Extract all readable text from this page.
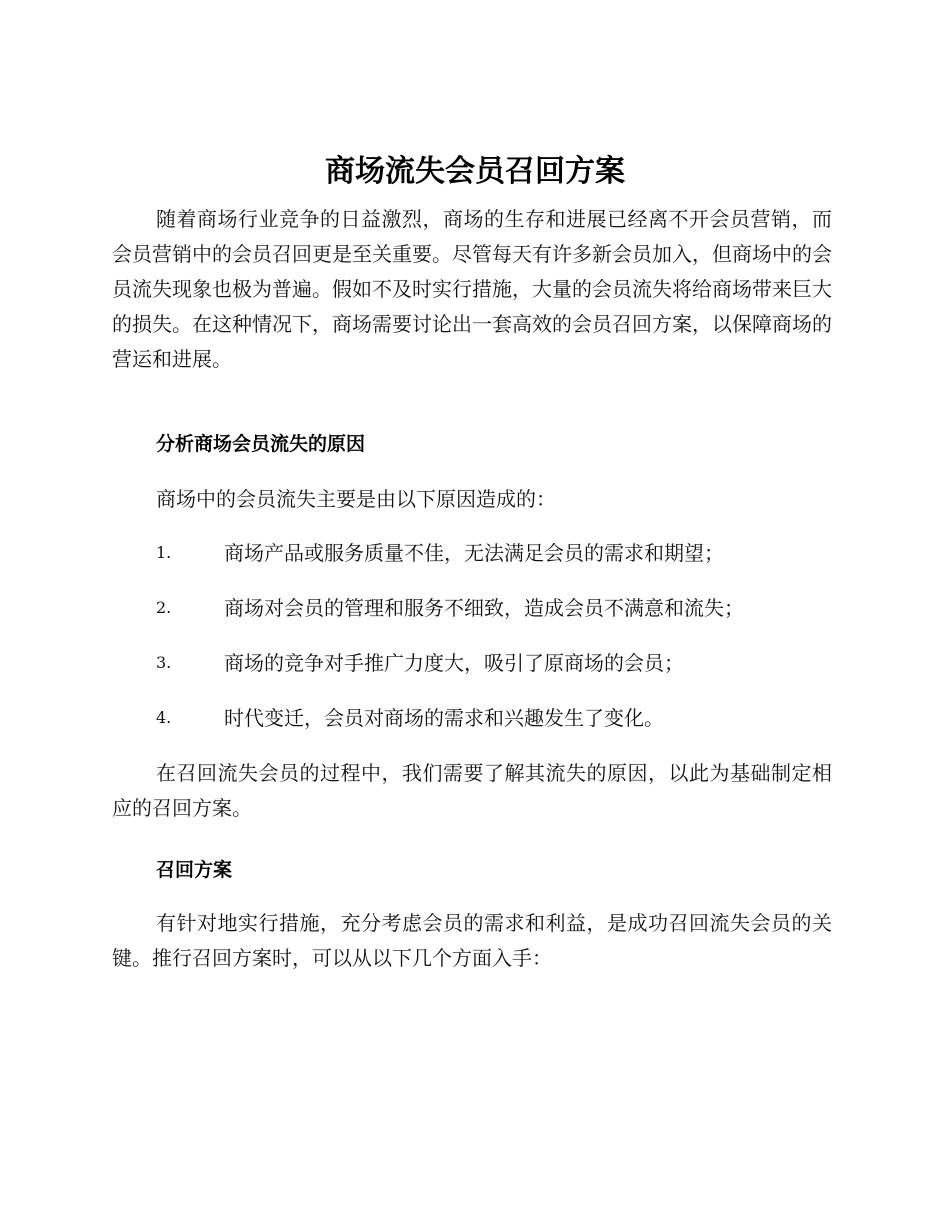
商场流失会员召回方案

随着商场行业竞争的日益激烈，商场的生存和进展已经离不开会员营销，而会员营销中的会员召回更是至关重要。尽管每天有许多新会员加入，但商场中的会员流失现象也极为普遍。假如不及时实行措施，大量的会员流失将给商场带来巨大的损失。在这种情况下，商场需要讨论出一套高效的会员召回方案，以保障商场的营运和进展。

分析商场会员流失的原因

商场中的会员流失主要是由以下原因造成的：

1.	商场产品或服务质量不佳，无法满足会员的需求和期望；
2.	商场对会员的管理和服务不细致，造成会员不满意和流失；
3.	商场的竞争对手推广力度大，吸引了原商场的会员；
4.	时代变迁，会员对商场的需求和兴趣发生了变化。

在召回流失会员的过程中，我们需要了解其流失的原因，以此为基础制定相应的召回方案。

召回方案

有针对地实行措施，充分考虑会员的需求和利益，是成功召回流失会员的关键。推行召回方案时，可以从以下几个方面入手：
